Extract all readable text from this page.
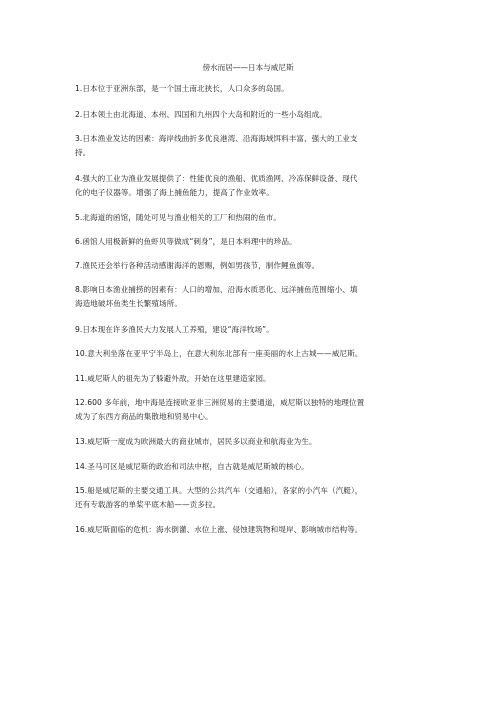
傍水而居——日本与威尼斯
1.日本位于亚洲东部，是一个国土南北狭长，人口众多的岛国。
2.日本领土由北海道、本州、四国和九州四个大岛和附近的一些小岛组成。
3.日本渔业发达的因素：海岸线曲折多优良港湾、沿海海域饵料丰富、强大的工业支
持。
4.强大的工业为渔业发展提供了：性能优良的渔船、优质渔网、冷冻保鲜设备、现代
化的电子仪器等。增强了海上捕鱼能力，提高了作业效率。
5.北海道的函馆，随处可见与渔业相关的工厂和热闹的鱼市。
6.函馆人用极新鲜的鱼虾贝等做成“刺身”，是日本料理中的珍品。
7.渔民还会举行各种活动感谢海洋的恩赐，例如男孩节，制作鲤鱼旗等。
8.影响日本渔业捕捞的因素有：人口的增加、沿海水质恶化、远洋捕鱼范围缩小、填
海造地破坏鱼类生长繁殖场所。
9.日本现在许多渔民大力发展人工养殖，建设“海洋牧场”。
10.意大利坐落在亚平宁半岛上，在意大利东北部有一座美丽的水上古城——威尼斯。
11.威尼斯人的祖先为了躲避外敌，开始在这里建造家园。
12.600 多年前，地中海是连接欧亚非三洲贸易的主要通道，威尼斯以独特的地理位置
成为了东西方商品的集散地和贸易中心。
13.威尼斯一度成为欧洲最大的商业城市，居民多以商业和航海业为生。
14.圣马可区是威尼斯的政治和司法中枢，自古就是威尼斯城的核心。
15.船是威尼斯的主要交通工具。大型的公共汽车（交通船），各家的小汽车（汽艇），
还有专载游客的单桨平底木船——贡多拉。
16.威尼斯面临的危机：海水倒灌、水位上涨、侵蚀建筑物和堤岸、影响城市结构等。
